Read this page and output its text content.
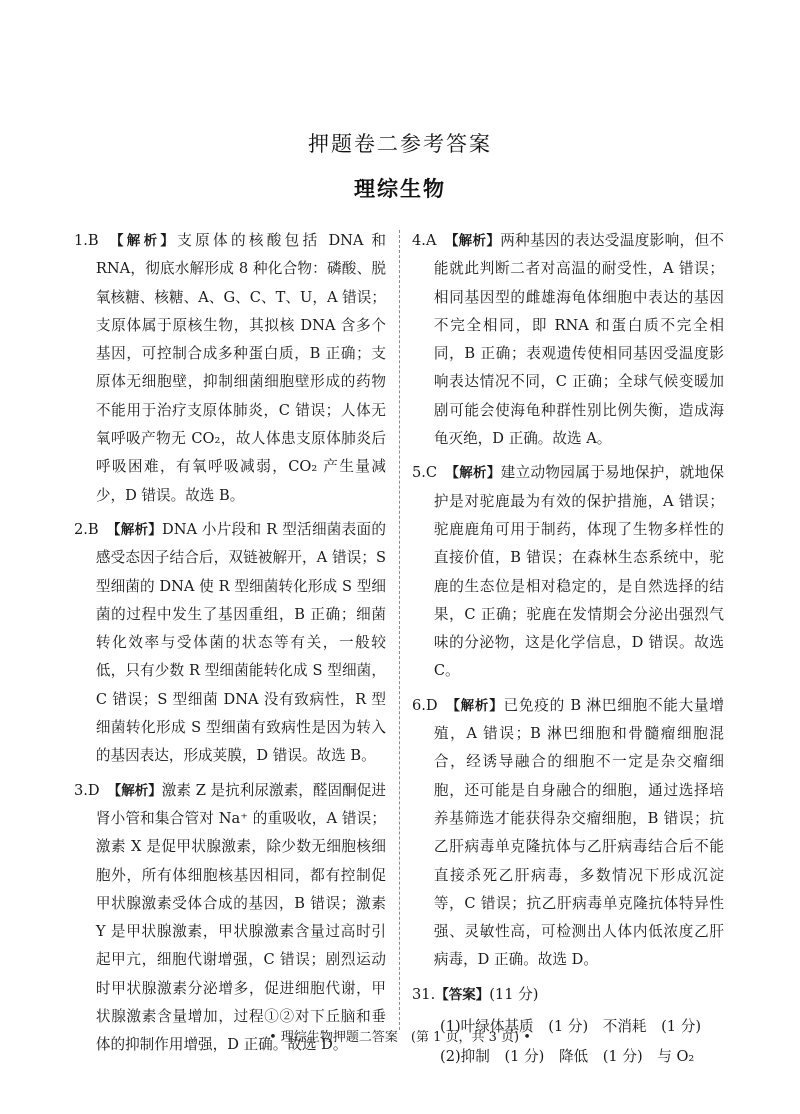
押题卷二参考答案
理综生物

1.B 【解析】支原体的核酸包括 DNA 和 RNA，彻底水解形成 8 种化合物：磷酸、脱氧核糖、核糖、A、G、C、T、U，A 错误；支原体属于原核生物，其拟核 DNA 含多个基因，可控制合成多种蛋白质，B 正确；支原体无细胞壁，抑制细菌细胞壁形成的药物不能用于治疗支原体肺炎，C 错误；人体无氧呼吸产物无 CO₂，故人体患支原体肺炎后呼吸困难，有氧呼吸减弱，CO₂ 产生量减少，D 错误。故选 B。

2.B 【解析】DNA 小片段和 R 型活细菌表面的感受态因子结合后，双链被解开，A 错误；S 型细菌的 DNA 使 R 型细菌转化形成 S 型细菌的过程中发生了基因重组，B 正确；细菌转化效率与受体菌的状态等有关，一般较低，只有少数 R 型细菌能转化成 S 型细菌，C 错误；S 型细菌 DNA 没有致病性，R 型细菌转化形成 S 型细菌有致病性是因为转入的基因表达，形成荚膜，D 错误。故选 B。

3.D 【解析】激素 Z 是抗利尿激素，醛固酮促进肾小管和集合管对 Na⁺ 的重吸收，A 错误；激素 X 是促甲状腺激素，除少数无细胞核细胞外，所有体细胞核基因相同，都有控制促甲状腺激素受体合成的基因，B 错误；激素 Y 是甲状腺激素，甲状腺激素含量过高时引起甲亢，细胞代谢增强，C 错误；剧烈运动时甲状腺激素分泌增多，促进细胞代谢，甲状腺激素含量增加，过程①②对下丘脑和垂体的抑制作用增强，D 正确。故选 D。

4.A 【解析】两种基因的表达受温度影响，但不能就此判断二者对高温的耐受性，A 错误；相同基因型的雌雄海龟体细胞中表达的基因不完全相同，即 RNA 和蛋白质不完全相同，B 正确；表观遗传使相同基因受温度影响表达情况不同，C 正确；全球气候变暖加剧可能会使海龟种群性别比例失衡，造成海龟灭绝，D 正确。故选 A。

5.C 【解析】建立动物园属于易地保护，就地保护是对驼鹿最为有效的保护措施，A 错误；驼鹿鹿角可用于制药，体现了生物多样性的直接价值，B 错误；在森林生态系统中，驼鹿的生态位是相对稳定的，是自然选择的结果，C 正确；驼鹿在发情期会分泌出强烈气味的分泌物，这是化学信息，D 错误。故选 C。

6.D 【解析】已免疫的 B 淋巴细胞不能大量增殖，A 错误；B 淋巴细胞和骨髓瘤细胞混合，经诱导融合的细胞不一定是杂交瘤细胞，还可能是自身融合的细胞，通过选择培养基筛选才能获得杂交瘤细胞，B 错误；抗乙肝病毒单克隆抗体与乙肝病毒结合后不能直接杀死乙肝病毒，多数情况下形成沉淀等，C 错误；抗乙肝病毒单克隆抗体特异性强、灵敏性高，可检测出人体内低浓度乙肝病毒，D 正确。故选 D。

31.【答案】(11 分)

(1)叶绿体基质　(1 分)　不消耗　(1 分)

(2)抑制　(1 分)　降低　(1 分)　与 O₂

• 理综生物押题二答案　(第 1 页，共 3 页) •
